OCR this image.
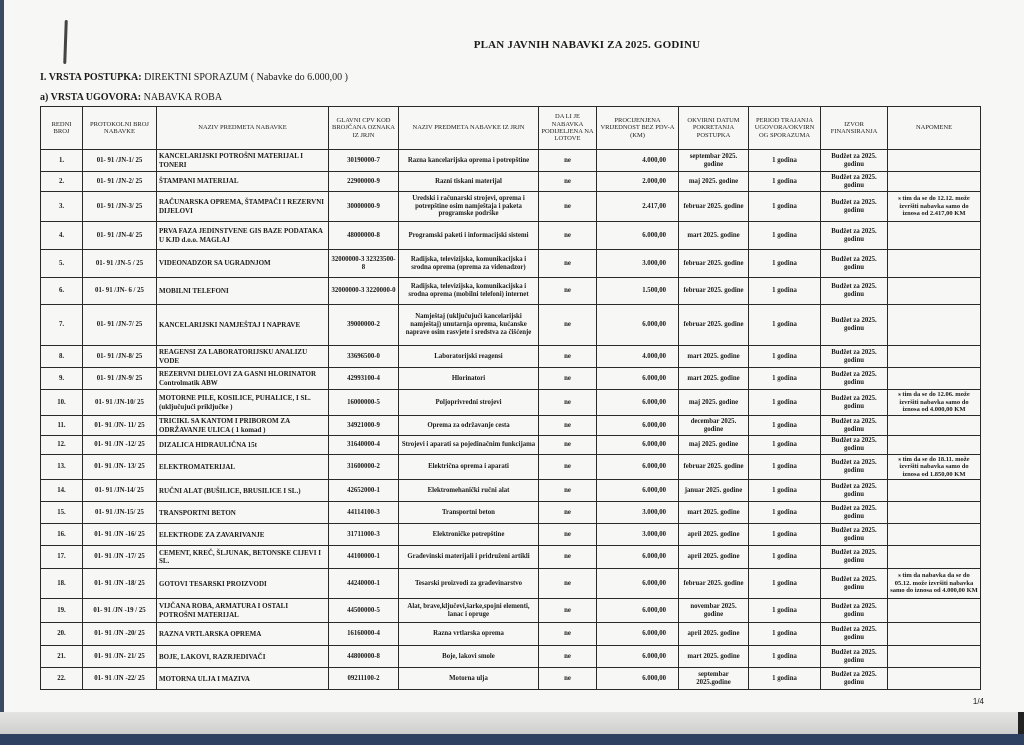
PLAN JAVNIH NABAVKI ZA 2025. GODINU
I. VRSTA POSTUPKA: DIREKTNI SPORAZUM ( Nabavke do 6.000,00 )
a) VRSTA UGOVORA: NABAVKA ROBA
REDNI BROJ	PROTOKOLNI BROJ NABAVKE	NAZIV PREDMETA NABAVKE	GLAVNI CPV KOD BROJČANA OZNAKA IZ JRJN	NAZIV PREDMETA NABAVKE IZ JRJN	DA LI JE NABAVKA PODIJELJENA NA LOTOVE	PROCIJENJENA VRIJEDNOST BEZ PDV-A (KM)	OKVIRNI DATUM POKRETANJA POSTUPKA	PERIOD TRAJANJA UGOVORA/OKVIRN OG SPORAZUMA	IZVOR FINANSIRANJA	NAPOMENE
1.	01- 91 /JN-1/ 25	KANCELARIJSKI POTROŠNI MATERIJAL I TONERI	30190000-7	Razna kancelarijska oprema i potrepštine	ne	4.000,00	septembar 2025. godine	1 godina	Budžet za 2025. godinu	
2.	01- 91 /JN-2/ 25	ŠTAMPANI MATERIJAL	22900000-9	Razni tiskani materijal	ne	2.000,00	maj 2025. godine	1 godina	Budžet za 2025. godinu	
3.	01- 91 /JN-3/ 25	RAČUNARSKA OPREMA, ŠTAMPAČI I REZERVNI DIJELOVI	30000000-9	Uredski i računarski strojevi, oprema i potrepštine osim namještaja i paketa programske podrške	ne	2.417,00	februar 2025. godine	1 godina	Budžet za 2025. godinu	s tim da se do 12.12. može izvršiti nabavka samo do iznosa od 2.417,00 KM
4.	01- 91 /JN-4/ 25	PRVA FAZA JEDINSTVENE GIS BAZE PODATAKA U KJD d.o.o. MAGLAJ	48000000-8	Programski paketi i informacijski sistemi	ne	6.000,00	mart 2025. godine	1 godina	Budžet za 2025. godinu	
5.	01- 91 /JN-5 / 25	VIDEONADZOR SA UGRADNJOM	32000000-3 32323500- 8	Radijska, televizijska, komunikacijska i srodna oprema (oprema za videnadzor)	ne	3.000,00	februar 2025. godine	1 godina	Budžet za 2025. godinu	
6.	01- 91 /JN- 6 / 25	MOBILNI TELEFONI	32000000-3 3220000-0	Radijska, televizijska, komunikacijska i srodna oprema (mobilni telefoni) internet	ne	1.500,00	februar 2025. godine	1 godina	Budžet za 2025. godinu	
7.	01- 91 /JN-7/ 25	KANCELARIJSKI NAMJEŠTAJ I NAPRAVE	39000000-2	Namještaj (uključujući kancelarijski namještaj) unutarnja oprema, kućanske naprave osim rasvjete i sredstva za čišćenje	ne	6.000,00	februar 2025. godine	1 godina	Budžet za 2025. godinu	
8.	01- 91 /JN-8/ 25	REAGENSI ZA LABORATORIJSKU ANALIZU VODE	33696500-0	Laboratorijski reagensi	ne	4.000,00	mart 2025. godine	1 godina	Budžet za 2025. godinu	
9.	01- 91 /JN-9/ 25	REZERVNI DIJELOVI ZA GASNI HLORINATOR Controlmatik ABW	42993100-4	Hlorinatori	ne	6.000,00	mart 2025. godine	1 godina	Budžet za 2025. godinu	
10.	01- 91 /JN-10/ 25	MOTORNE PILE, KOSILICE, PUHALICE, I SL. (uključujući priključke )	16000000-5	Poljoprivredni strojevi	ne	6.000,00	maj 2025. godine	1 godina	Budžet za 2025. godinu	s tim da se do 12.06. može izvršiti nabavka samo do iznosa od 4.000,00 KM
11.	01- 91 /JN- 11/ 25	TRICIKL SA KANTOM I PRIBOROM ZA ODRŽAVANJE ULICA ( 1 komad )	34921000-9	Oprema za održavanje cesta	ne	6.000,00	decembar 2025. godine	1 godina	Budžet za 2025. godinu	
12.	01- 91 /JN -12/ 25	DIZALICA HIDRAULIČNA 15t	31640000-4	Strojevi i aparati sa pojedinačnim funkcijama	ne	6.000,00	maj 2025. godine	1 godina	Budžet za 2025. godinu	
13.	01- 91 /JN- 13/ 25	ELEKTROMATERIJAL	31600000-2	Električna oprema i aparati	ne	6.000,00	februar 2025. godine	1 godina	Budžet za 2025. godinu	s tim da se do 18.11. može izvršiti nabavka samo do iznosa od 1.850,00 KM
14.	01- 91 /JN-14/ 25	RUČNI ALAT (BUŠILICE, BRUSILICE I SL.)	42652000-1	Elektromehanički ručni alat	ne	6.000,00	januar 2025. godine	1 godina	Budžet za 2025. godinu	
15.	01- 91 /JN-15/ 25	TRANSPORTNI BETON	44114100-3	Transportni beton	ne	3.000,00	mart 2025. godine	1 godina	Budžet za 2025. godinu	
16.	01- 91 /JN -16/ 25	ELEKTRODE ZA ZAVARIVANJE	31711000-3	Elektroničke potrepštine	ne	3.000,00	april 2025. godine	1 godina	Budžet za 2025. godinu	
17.	01- 91 /JN -17/ 25	CEMENT, KREČ, ŠLJUNAK, BETONSKE CIJEVI I SL.	44100000-1	Građevinski materijali i pridruženi artikli	ne	6.000,00	april 2025. godine	1 godina	Budžet za 2025. godinu	
18.	01- 91 /JN -18/ 25	GOTOVI TESARSKI PROIZVODI	44240000-1	Tesarski proizvodi za građevinarstvo	ne	6.000,00	februar 2025. godine	1 godina	Budžet za 2025. godinu	s tim da nabavka da se do 05.12. može izvršiti nabavka samo do iznosa od 4.000,00 KM
19.	01- 91 /JN -19 / 25	VIJČANA ROBA, ARMATURA I OSTALI POTROŠNI MATERIJAL	44500000-5	Alat, brave,ključevi,šarke,spojni elementi, lanac i opruge	ne	6.000,00	novembar 2025. godine	1 godina	Budžet za 2025. godinu	
20.	01- 91 /JN -20/ 25	RAZNA VRTLARSKA OPREMA	16160000-4	Razna vrtlarska oprema	ne	6.000,00	april 2025. godine	1 godina	Budžet za 2025. godinu	
21.	01- 91 /JN- 21/ 25	BOJE, LAKOVI, RAZRJEDIVAČI	44800000-8	Boje, lakovi smole	ne	6.000,00	mart 2025. godine	1 godina	Budžet za 2025. godinu	
22.	01- 91 /JN -22/ 25	MOTORNA ULJA I MAZIVA	09211100-2	Motorna ulja	ne	6.000,00	septembar 2025.godine	1 godina	Budžet za 2025. godinu	
1/4
